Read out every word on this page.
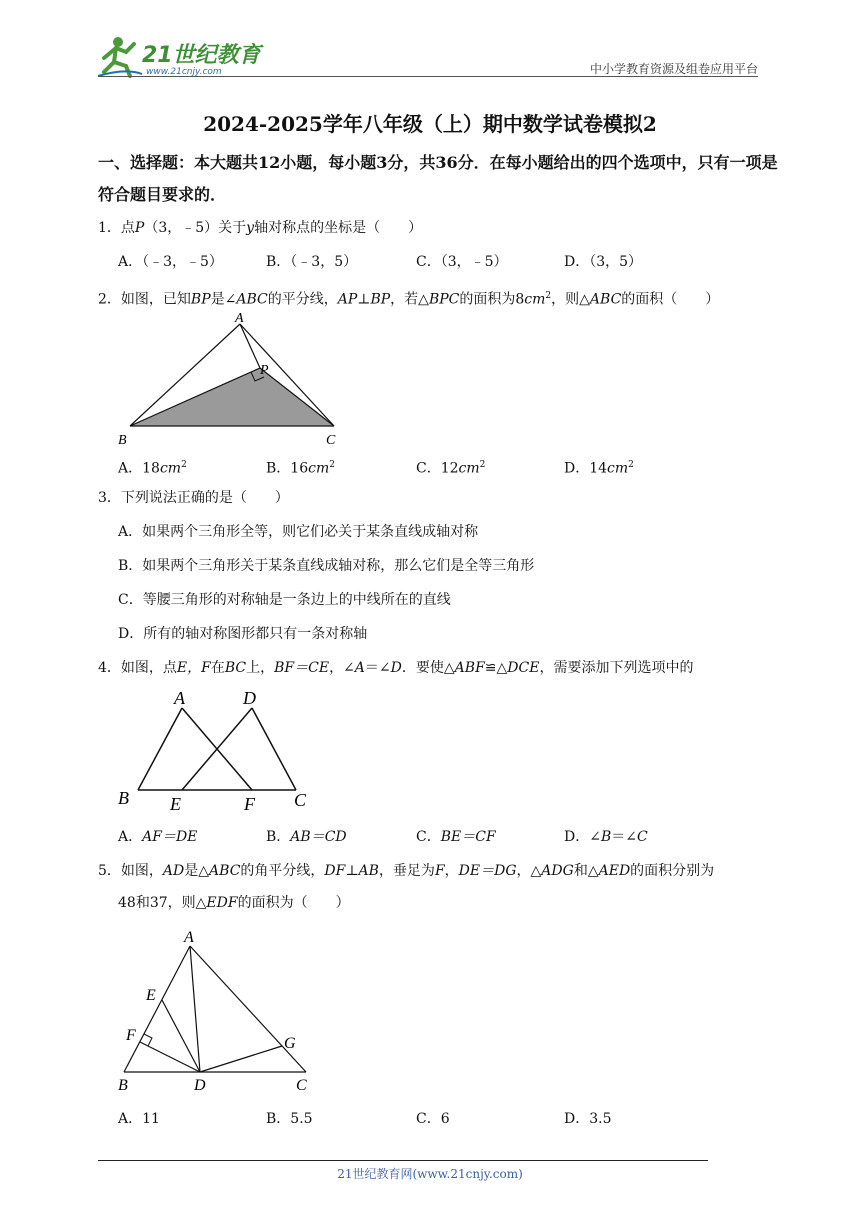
21世纪教育
www.21cnjy.com	中小学教育资源及组卷应用平台
2024-2025学年八年级（上）期中数学试卷模拟2
一、选择题：本大题共12小题，每小题3分，共36分．在每小题给出的四个选项中，只有一项是符合题目要求的．
1．点P（3，﹣5）关于y轴对称点的坐标是（　　）
A．（﹣3，﹣5）	B．（﹣3，5）	C．（3，﹣5）	D．（3，5）
2．如图，已知BP是∠ABC的平分线，AP⊥BP，若△BPC的面积为$8cm^2$，则△ABC的面积（　　）
A
P
B	C
A．$18cm^2$	B．$16cm^2$	C．$12cm^2$	D．$14cm^2$
3．下列说法正确的是（　　）
A．如果两个三角形全等，则它们必关于某条直线成轴对称
B．如果两个三角形关于某条直线成轴对称，那么它们是全等三角形
C．等腰三角形的对称轴是一条边上的中线所在的直线
D．所有的轴对称图形都只有一条对称轴
4．如图，点E，F在BC上，BF＝CE，∠A＝∠D．要使△ABF≌△DCE，需要添加下列选项中的
A	D
B E	F C
A．AF＝DE	B．AB＝CD	C．BE＝CF	D．∠B＝∠C
5．如图，AD是△ABC的角平分线，DF⊥AB，垂足为F，DE＝DG，△ADG和△AED的面积分别为
48和37，则△EDF的面积为（　　）
A
E
F	G
B	D	C
A．11	B．5.5	C．6	D．3.5
21世纪教育网(www.21cnjy.com)
